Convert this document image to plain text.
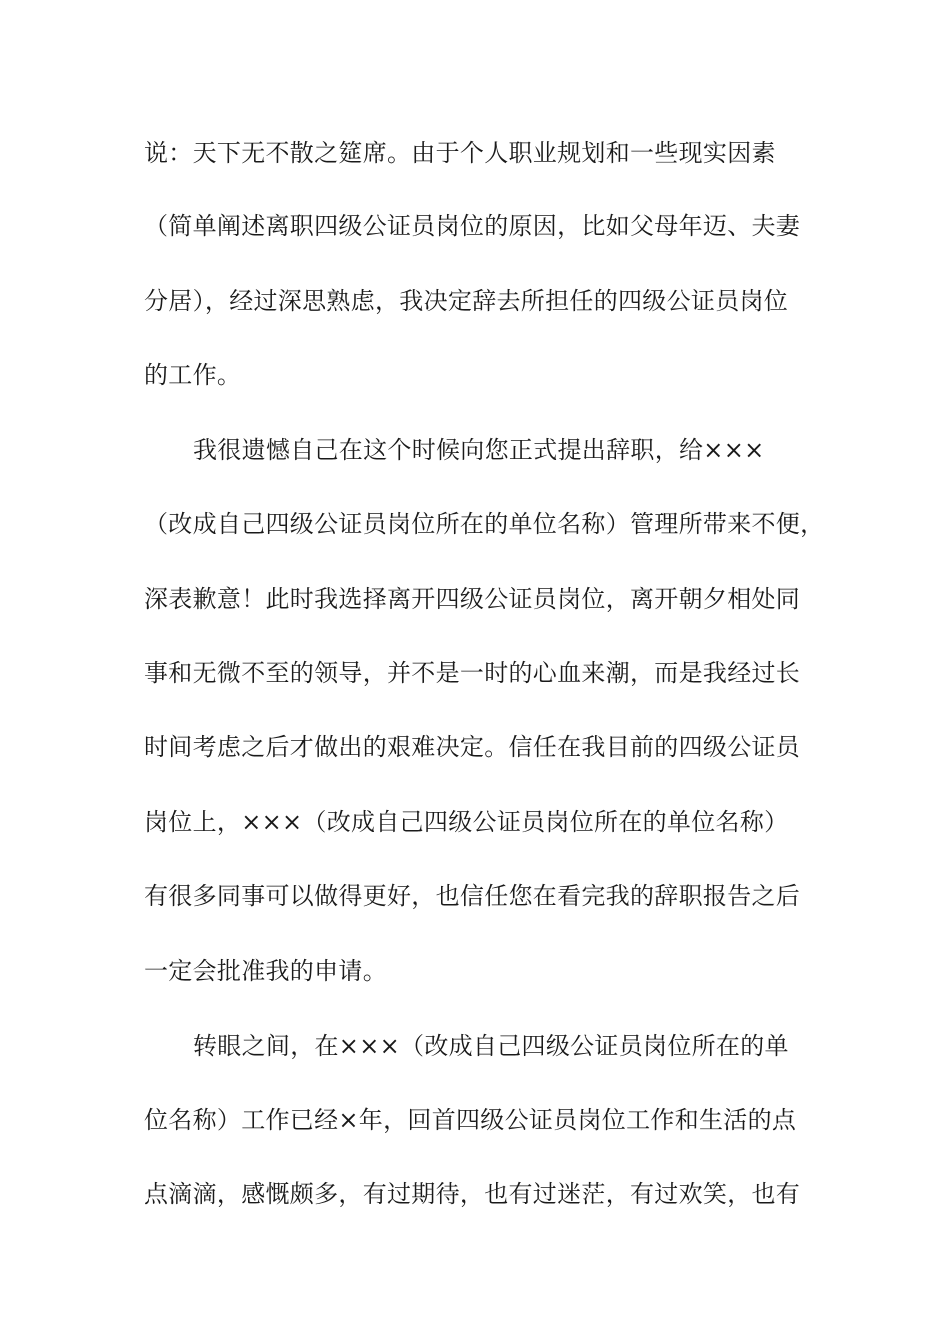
说：天下无不散之筵席。由于个人职业规划和一些现实因素
（简单阐述离职四级公证员岗位的原因，比如父母年迈、夫妻
分居），经过深思熟虑，我决定辞去所担任的四级公证员岗位
的工作。
我很遗憾自己在这个时候向您正式提出辞职，给×××
（改成自己四级公证员岗位所在的单位名称）管理所带来不便，
深表歉意！此时我选择离开四级公证员岗位，离开朝夕相处同
事和无微不至的领导，并不是一时的心血来潮，而是我经过长
时间考虑之后才做出的艰难决定。信任在我目前的四级公证员
岗位上，×××（改成自己四级公证员岗位所在的单位名称）
有很多同事可以做得更好，也信任您在看完我的辞职报告之后
一定会批准我的申请。
转眼之间，在×××（改成自己四级公证员岗位所在的单
位名称）工作已经×年，回首四级公证员岗位工作和生活的点
点滴滴，感慨颇多，有过期待，也有过迷茫，有过欢笑，也有
